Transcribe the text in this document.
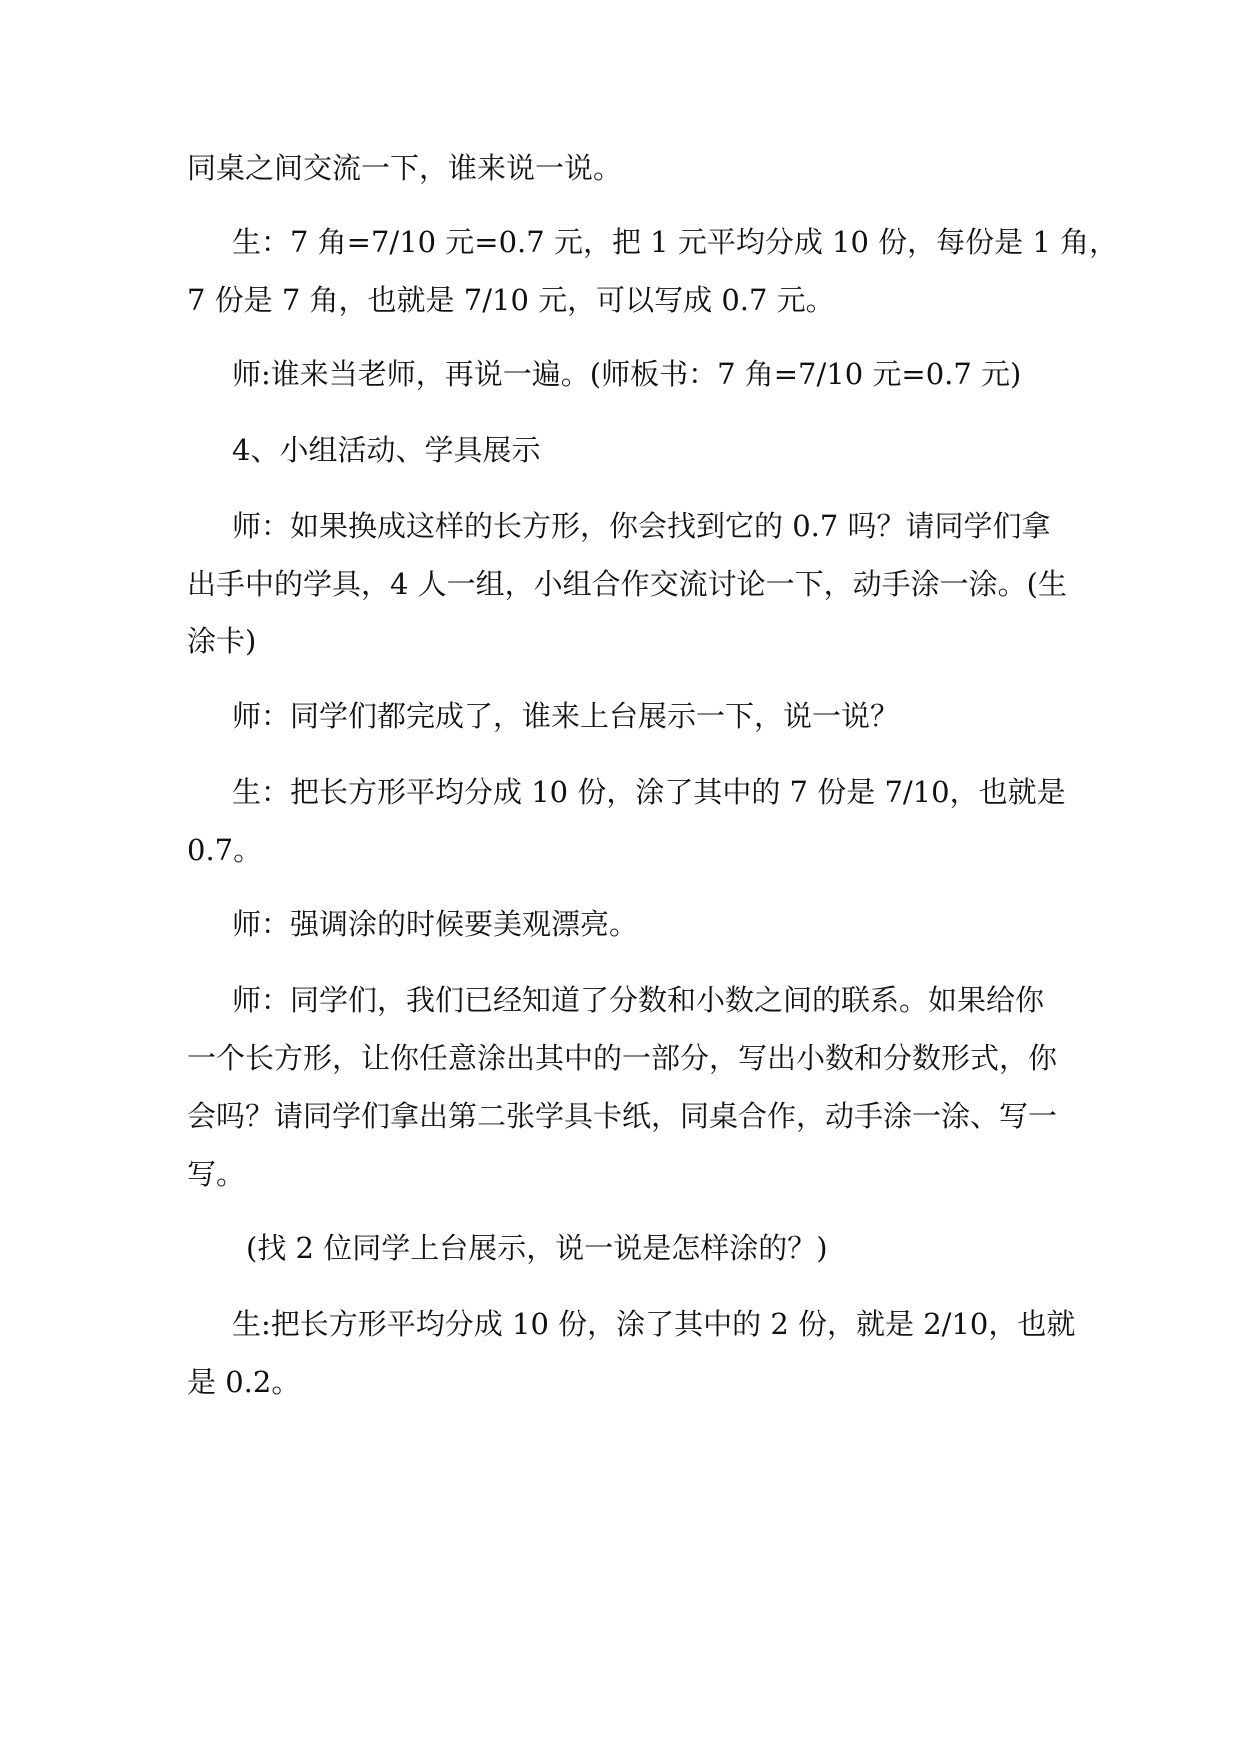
同桌之间交流一下，谁来说一说。
生：7 角=7/10 元=0.7 元，把 1 元平均分成 10 份，每份是 1 角，
7 份是 7 角，也就是 7/10 元，可以写成 0.7 元。
师:谁来当老师，再说一遍。(师板书：7 角=7/10 元=0.7 元)
4、小组活动、学具展示
师：如果换成这样的长方形，你会找到它的 0.7 吗？请同学们拿
出手中的学具，4 人一组，小组合作交流讨论一下，动手涂一涂。(生
涂卡)
师：同学们都完成了，谁来上台展示一下，说一说？
生：把长方形平均分成 10 份，涂了其中的 7 份是 7/10，也就是
0.7。
师：强调涂的时候要美观漂亮。
师：同学们，我们已经知道了分数和小数之间的联系。如果给你
一个长方形，让你任意涂出其中的一部分，写出小数和分数形式，你
会吗？请同学们拿出第二张学具卡纸，同桌合作，动手涂一涂、写一
写。
(找 2 位同学上台展示，说一说是怎样涂的？)
生:把长方形平均分成 10 份，涂了其中的 2 份，就是 2/10，也就
是 0.2。
